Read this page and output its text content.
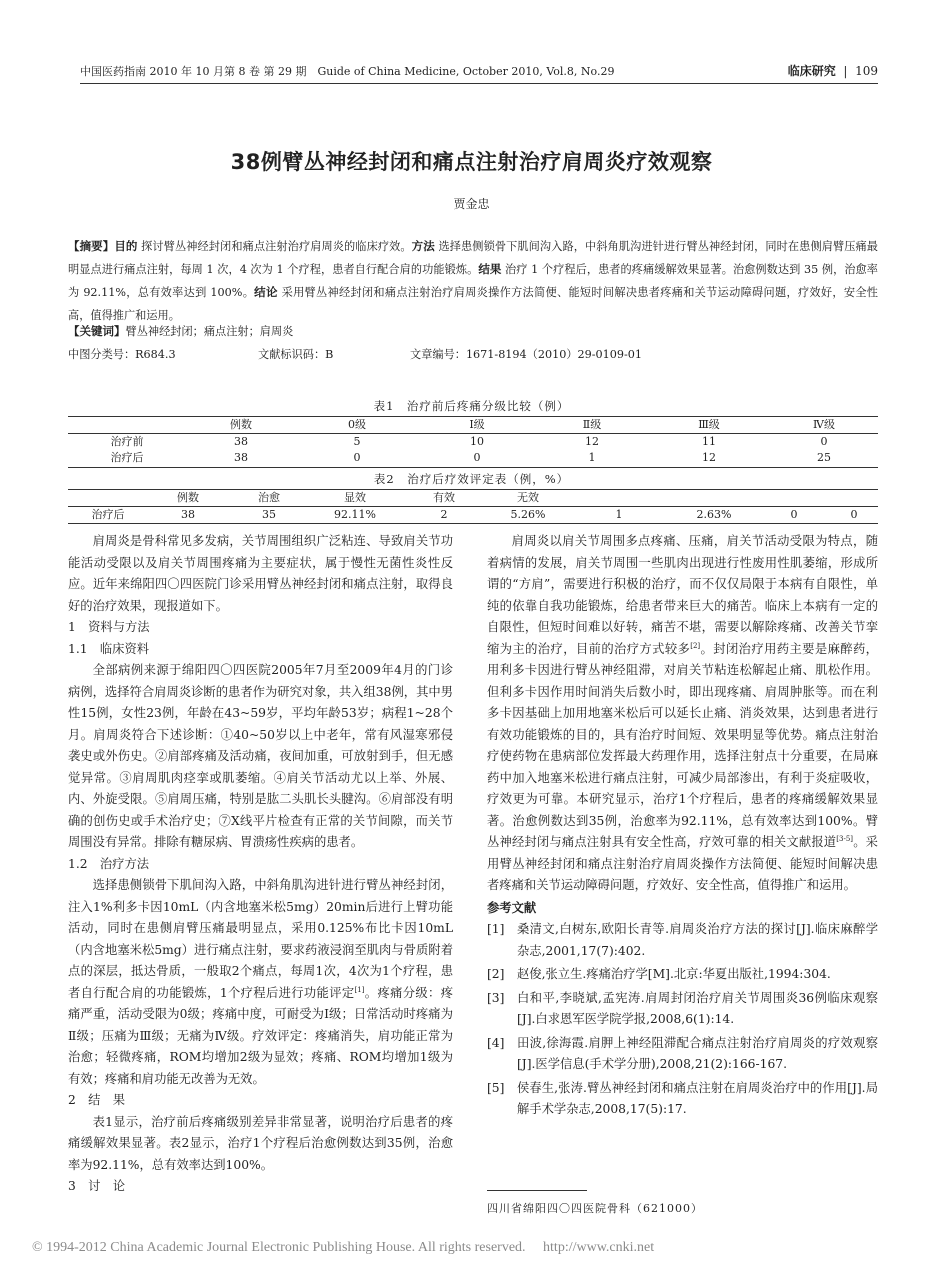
中国医药指南 2010 年 10 月第 8 卷 第 29 期　Guide of China Medicine, October 2010, Vol.8, No.29	临床研究  |  109
38例臂丛神经封闭和痛点注射治疗肩周炎疗效观察
贾金忠
【摘要】目的 探讨臂丛神经封闭和痛点注射治疗肩周炎的临床疗效。方法 选择患侧锁骨下肌间沟入路，中斜角肌沟进针进行臂丛神经封闭，同时在患侧肩臂压痛最明显点进行痛点注射，每周 1 次，4 次为 1 个疗程，患者自行配合肩的功能锻炼。结果 治疗 1 个疗程后，患者的疼痛缓解效果显著。治愈例数达到 35 例，治愈率为 92.11%，总有效率达到 100%。结论 采用臂丛神经封闭和痛点注射治疗肩周炎操作方法简便、能短时间解决患者疼痛和关节运动障碍问题，疗效好，安全性高，值得推广和运用。
【关键词】臂丛神经封闭；痛点注射；肩周炎
中图分类号：R684.3	文献标识码：B	文章编号：1671-8194（2010）29-0109-01
表1　治疗前后疼痛分级比较（例）
	例数	0级	Ⅰ级	Ⅱ级	Ⅲ级	Ⅳ级
治疗前	38	5	10	12	11	0
治疗后	38	0	0	1	12	25
表2　治疗后疗效评定表（例，%）
	例数	治愈	显效	有效	无效				
治疗后	38	35	92.11%	2	5.26%	1	2.63%	0	0

肩周炎是骨科常见多发病，关节周围组织广泛粘连、导致肩关节功能活动受限以及肩关节周围疼痛为主要症状，属于慢性无菌性炎性反应。近年来绵阳四〇四医院门诊采用臂丛神经封闭和痛点注射，取得良好的治疗效果，现报道如下。

1　资料与方法

1.1　临床资料

全部病例来源于绵阳四〇四医院2005年7月至2009年4月的门诊病例，选择符合肩周炎诊断的患者作为研究对象，共入组38例，其中男性15例，女性23例，年龄在43~59岁，平均年龄53岁；病程1~28个月。肩周炎符合下述诊断：①40~50岁以上中老年，常有风湿寒邪侵袭史或外伤史。②肩部疼痛及活动痛，夜间加重，可放射到手，但无感觉异常。③肩周肌肉痉挛或肌萎缩。④肩关节活动尤以上举、外展、内、外旋受限。⑤肩周压痛，特别是肱二头肌长头腱沟。⑥肩部没有明确的创伤史或手术治疗史；⑦X线平片检查有正常的关节间隙，而关节周围没有异常。排除有糖尿病、胃溃疡性疾病的患者。

1.2　治疗方法

选择患侧锁骨下肌间沟入路，中斜角肌沟进针进行臂丛神经封闭，注入1%利多卡因10mL（内含地塞米松5mg）20min后进行上臂功能活动，同时在患侧肩臂压痛最明显点，采用0.125%布比卡因10mL（内含地塞米松5mg）进行痛点注射，要求药液浸润至肌肉与骨质附着点的深层，抵达骨质，一般取2个痛点，每周1次，4次为1个疗程，患者自行配合肩的功能锻炼，1个疗程后进行功能评定[1]。疼痛分级：疼痛严重，活动受限为0级；疼痛中度，可耐受为Ⅰ级；日常活动时疼痛为Ⅱ级；压痛为Ⅲ级；无痛为Ⅳ级。疗效评定：疼痛消失，肩功能正常为治愈；轻微疼痛，ROM均增加2级为显效；疼痛、ROM均增加1级为有效；疼痛和肩功能无改善为无效。

2　结　果

表1显示，治疗前后疼痛级别差异非常显著，说明治疗后患者的疼痛缓解效果显著。表2显示，治疗1个疗程后治愈例数达到35例，治愈率为92.11%，总有效率达到100%。

3　讨　论

肩周炎以肩关节周围多点疼痛、压痛，肩关节活动受限为特点，随着病情的发展，肩关节周围一些肌肉出现进行性废用性肌萎缩，形成所谓的“方肩”，需要进行积极的治疗，而不仅仅局限于本病有自限性，单纯的依靠自我功能锻炼，给患者带来巨大的痛苦。临床上本病有一定的自限性，但短时间难以好转，痛苦不堪，需要以解除疼痛、改善关节挛缩为主的治疗，目前的治疗方式较多[2]。封闭治疗用药主要是麻醉药，用利多卡因进行臂丛神经阻滞，对肩关节粘连松解起止痛、肌松作用。但利多卡因作用时间消失后数小时，即出现疼痛、肩周肿胀等。而在利多卡因基础上加用地塞米松后可以延长止痛、消炎效果，达到患者进行有效功能锻炼的目的，具有治疗时间短、效果明显等优势。痛点注射治疗使药物在患病部位发挥最大药理作用，选择注射点十分重要，在局麻药中加入地塞米松进行痛点注射，可减少局部渗出，有利于炎症吸收，疗效更为可靠。本研究显示，治疗1个疗程后，患者的疼痛缓解效果显著。治愈例数达到35例，治愈率为92.11%，总有效率达到100%。臂丛神经封闭与痛点注射具有安全性高，疗效可靠的相关文献报道[3-5]。采用臂丛神经封闭和痛点注射治疗肩周炎操作方法简便、能短时间解决患者疼痛和关节运动障碍问题，疗效好、安全性高，值得推广和运用。

参考文献

[1]	桑清文,白树东,欧阳长青等.肩周炎治疗方法的探讨[J].临床麻醉学杂志,2001,17(7):402.
[2]	赵俊,张立生.疼痛治疗学[M].北京:华夏出版社,1994:304.
[3]	白和平,李晓斌,孟宪涛.肩周封闭治疗肩关节周围炎36例临床观察[J].白求恩军医学院学报,2008,6(1):14.
[4]	田波,徐海霞.肩胛上神经阻滞配合痛点注射治疗肩周炎的疗效观察[J].医学信息(手术学分册),2008,21(2):166-167.
[5]	侯春生,张涛.臂丛神经封闭和痛点注射在肩周炎治疗中的作用[J].局解手术学杂志,2008,17(5):17.
四川省绵阳四〇四医院骨科（621000）
© 1994-2012 China Academic Journal Electronic Publishing House. All rights reserved.　 http://www.cnki.net
